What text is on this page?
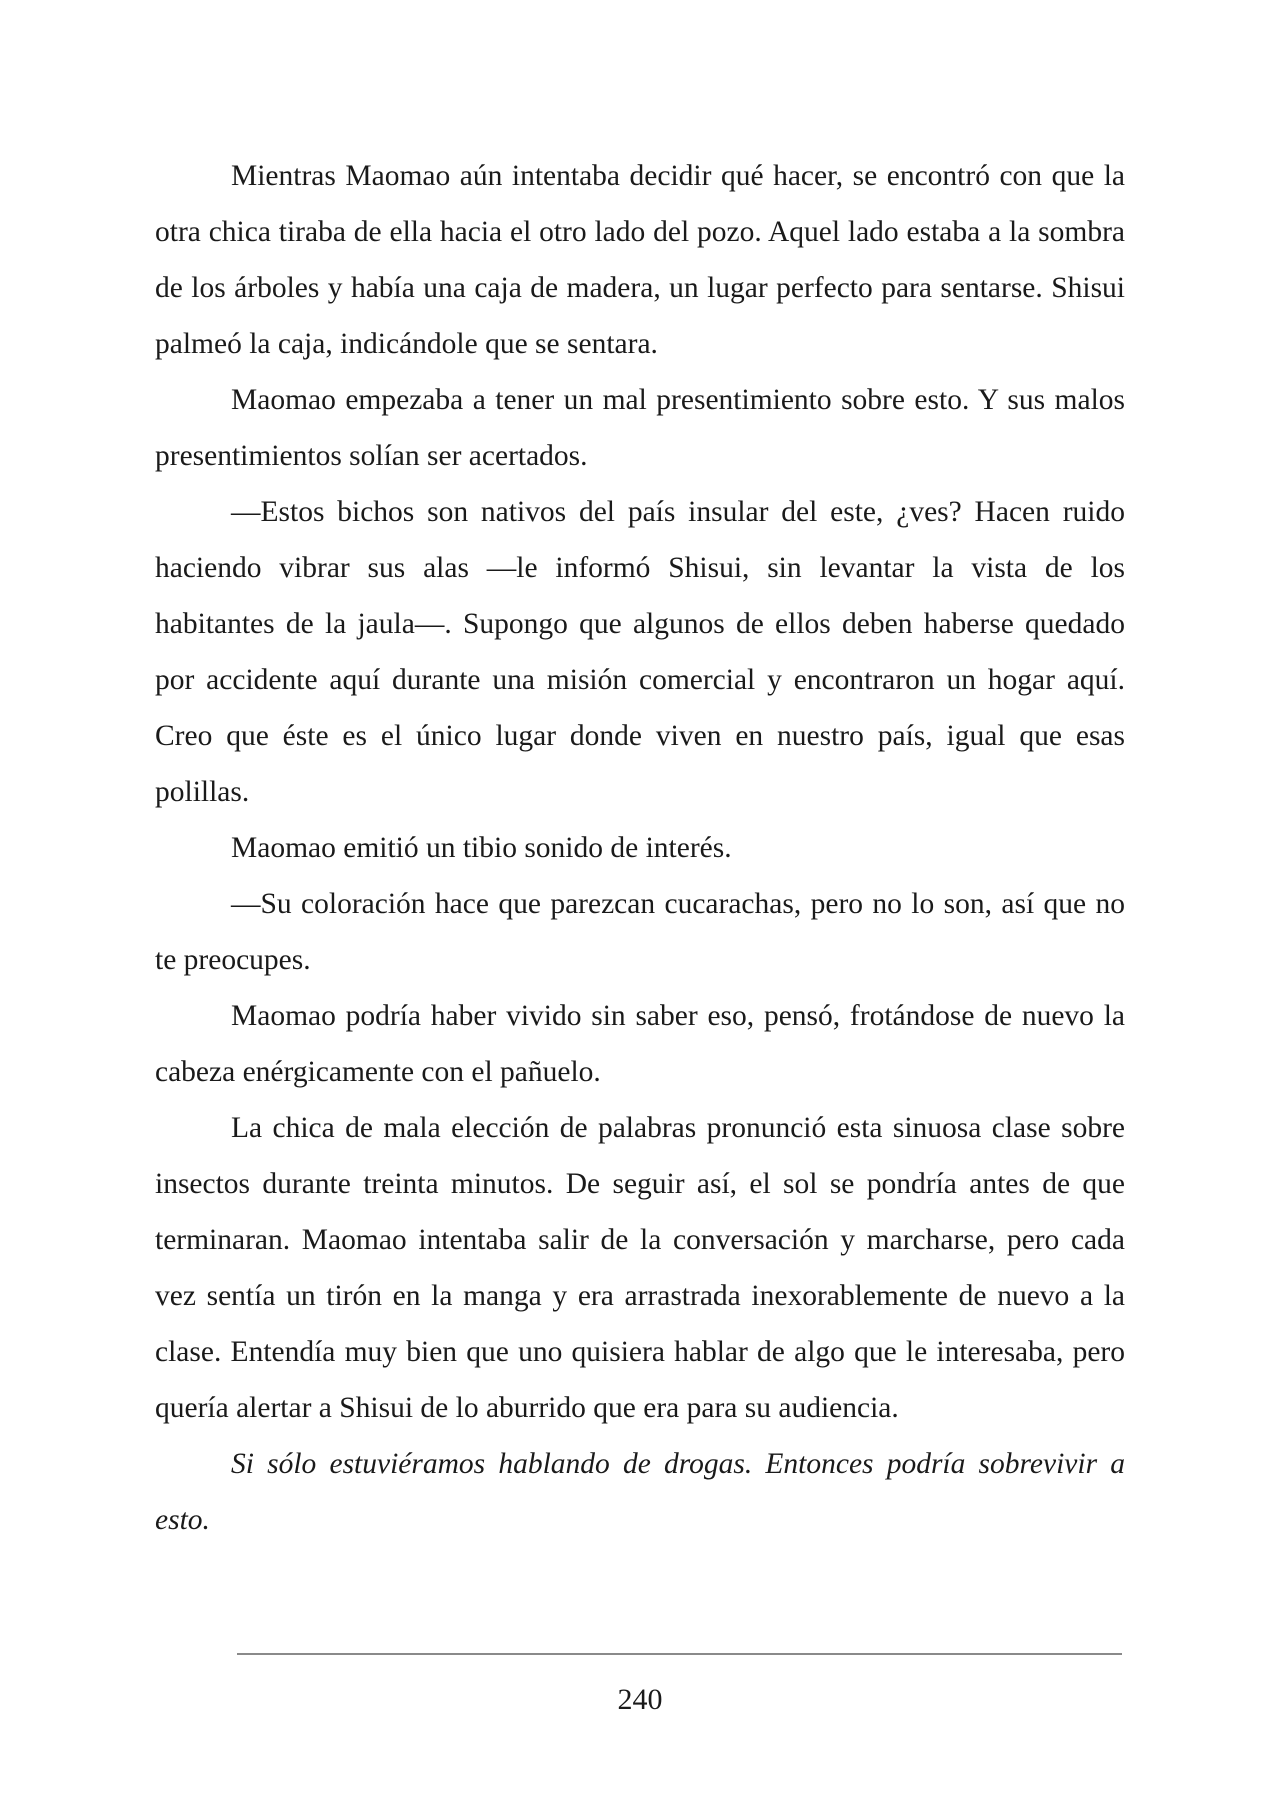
Mientras Maomao aún intentaba decidir qué hacer, se encontró con que la otra chica tiraba de ella hacia el otro lado del pozo. Aquel lado estaba a la sombra de los árboles y había una caja de madera, un lugar perfecto para sentarse. Shisui palmeó la caja, indicándole que se sentara.

Maomao empezaba a tener un mal presentimiento sobre esto. Y sus malos presentimientos solían ser acertados.

—Estos bichos son nativos del país insular del este, ¿ves? Hacen ruido haciendo vibrar sus alas —le informó Shisui, sin levantar la vista de los habitantes de la jaula—. Supongo que algunos de ellos deben haberse quedado por accidente aquí durante una misión comercial y encontraron un hogar aquí. Creo que éste es el único lugar donde viven en nuestro país, igual que esas polillas.

Maomao emitió un tibio sonido de interés.

—Su coloración hace que parezcan cucarachas, pero no lo son, así que no te preocupes.

Maomao podría haber vivido sin saber eso, pensó, frotándose de nuevo la cabeza enérgicamente con el pañuelo.

La chica de mala elección de palabras pronunció esta sinuosa clase sobre insectos durante treinta minutos. De seguir así, el sol se pondría antes de que terminaran. Maomao intentaba salir de la conversación y marcharse, pero cada vez sentía un tirón en la manga y era arrastrada inexorablemente de nuevo a la clase. Entendía muy bien que uno quisiera hablar de algo que le interesaba, pero quería alertar a Shisui de lo aburrido que era para su audiencia.

Si sólo estuviéramos hablando de drogas. Entonces podría sobrevivir a esto.

240
